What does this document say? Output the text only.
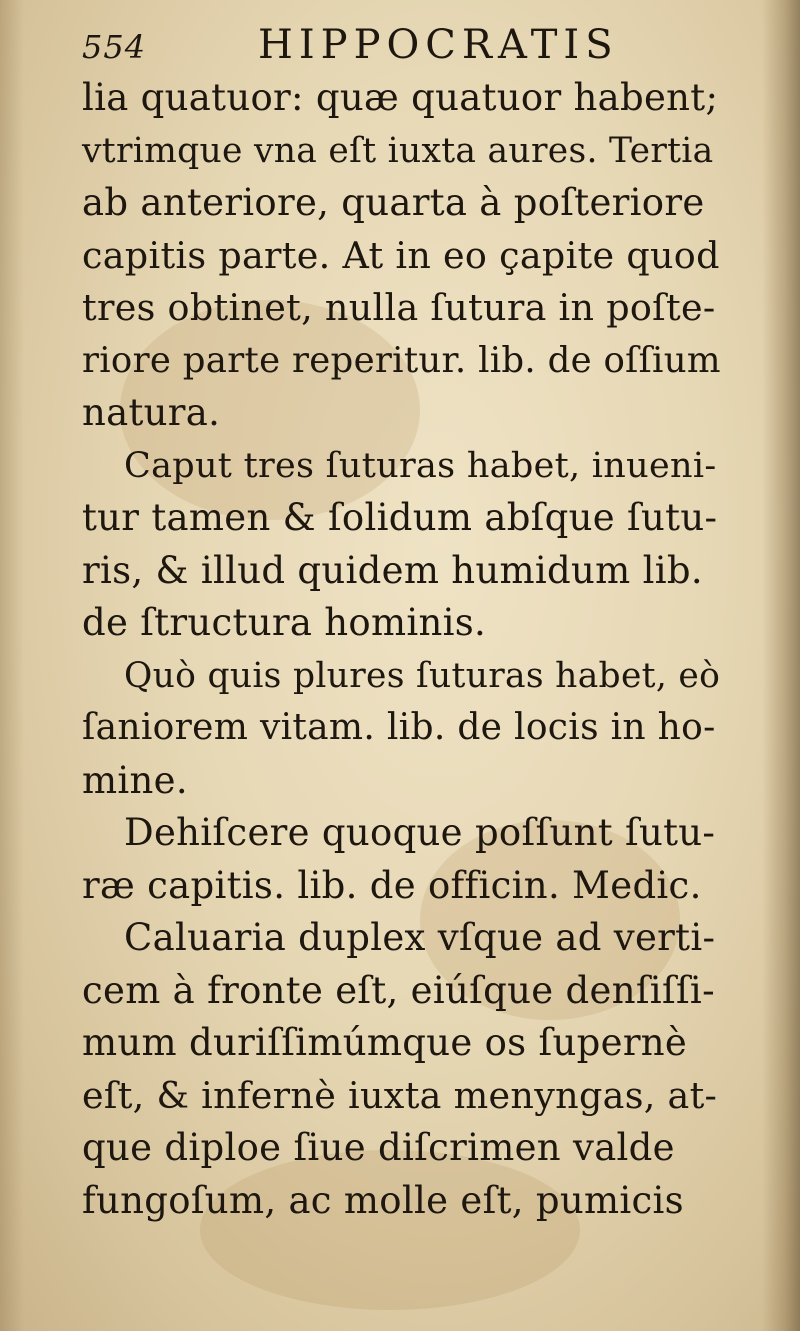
554	HIPPOCRATIS
lia quatuor: quæ quatuor habent;
vtrimque vna eſt iuxta aures. Tertia
ab anteriore, quarta à poſteriore
capitis parte. At in eo çapite quod
tres obtinet, nulla ſutura in poſte-
riore parte reperitur. lib. de oſſium
natura.
Caput tres ſuturas habet, inueni-
tur tamen & ſolidum abſque ſutu-
ris, & illud quidem humidum lib.
de ſtructura hominis.
Quò quis plures ſuturas habet, eò
ſaniorem vitam. lib. de locis in ho-
mine.
Dehiſcere quoque poſſunt ſutu-
ræ capitis. lib. de officin. Medic.
Caluaria duplex vſque ad verti-
cem à fronte eſt, eiúſque denſiſſi-
mum duriſſimúmque os ſupernè
eſt, & infernè iuxta menyngas, at-
que diploe ſiue diſcrimen valde
fungoſum, ac molle eſt, pumicis
